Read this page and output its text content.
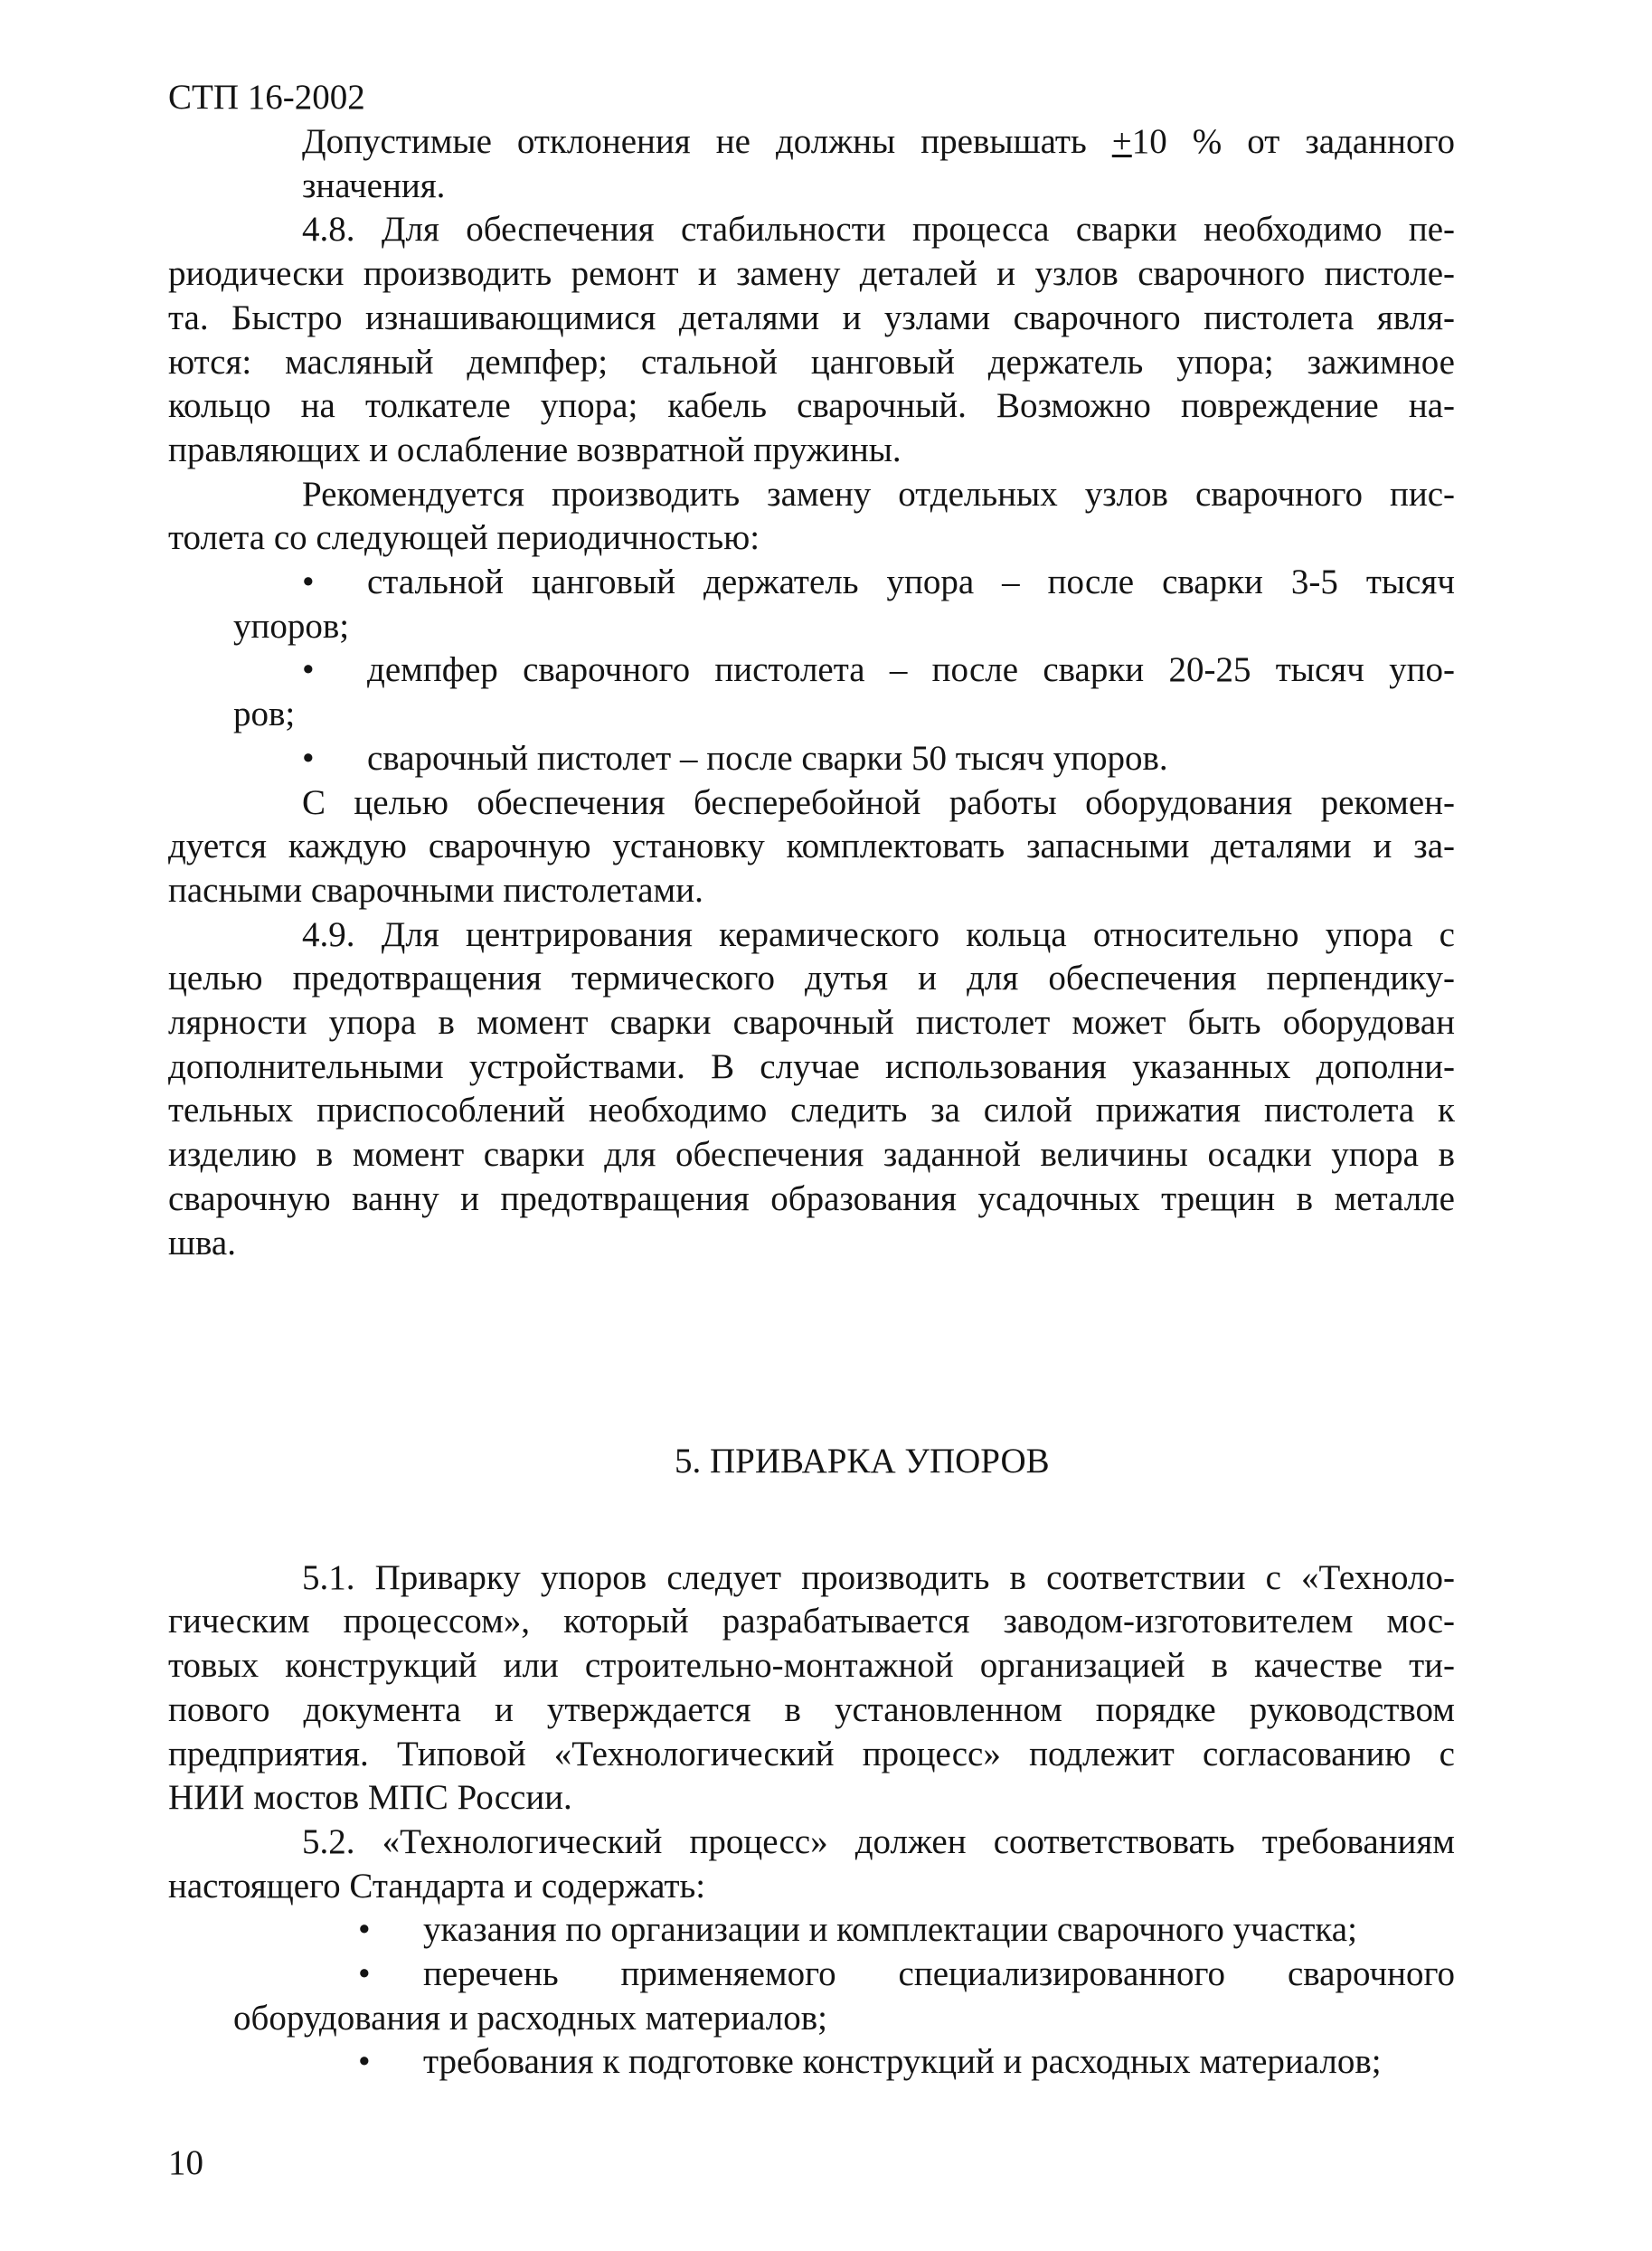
СТП 16-2002

Допустимые отклонения не должны превышать +10 % от заданного

значения.

4.8. Для обеспечения стабильности процесса сварки необходимо пе-

риодически производить ремонт и замену деталей и узлов сварочного пистоле-

та. Быстро изнашивающимися деталями и узлами сварочного пистолета явля-

ются: масляный демпфер; стальной цанговый держатель упора; зажимное

кольцо на толкателе упора; кабель сварочный. Возможно повреждение на-

правляющих и ослабление возвратной пружины.

Рекомендуется производить замену отдельных узлов сварочного пис-

толета со следующей периодичностью:

•	стальной цанговый держатель упора – после сварки 3-5 тысяч

упоров;

•	демпфер сварочного пистолета – после сварки 20-25 тысяч упо-

ров;

•	сварочный пистолет – после сварки 50 тысяч упоров.

С целью обеспечения бесперебойной работы оборудования рекомен-

дуется каждую сварочную установку комплектовать запасными деталями и за-

пасными сварочными пистолетами.

4.9. Для центрирования керамического кольца относительно упора с

целью предотвращения термического дутья и для обеспечения перпендику-

лярности упора в момент сварки сварочный пистолет может быть оборудован

дополнительными устройствами. В случае использования указанных дополни-

тельных приспособлений необходимо следить за силой прижатия пистолета к

изделию в момент сварки для обеспечения заданной величины осадки упора в

сварочную ванну и предотвращения образования усадочных трещин в металле

шва.

5. ПРИВАРКА УПОРОВ

5.1. Приварку упоров следует производить в соответствии с «Техноло-

гическим процессом», который разрабатывается заводом-изготовителем мос-

товых конструкций или строительно-монтажной организацией в качестве ти-

пового документа и утверждается в установленном порядке руководством

предприятия. Типовой «Технологический процесс» подлежит согласованию с

НИИ мостов МПС России.

5.2. «Технологический процесс» должен соответствовать требованиям

настоящего Стандарта и содержать:

•	указания по организации и комплектации сварочного участка;
•	перечень применяемого специализированного сварочного

оборудования и расходных материалов;

•	требования к подготовке конструкций и расходных материалов;
10
